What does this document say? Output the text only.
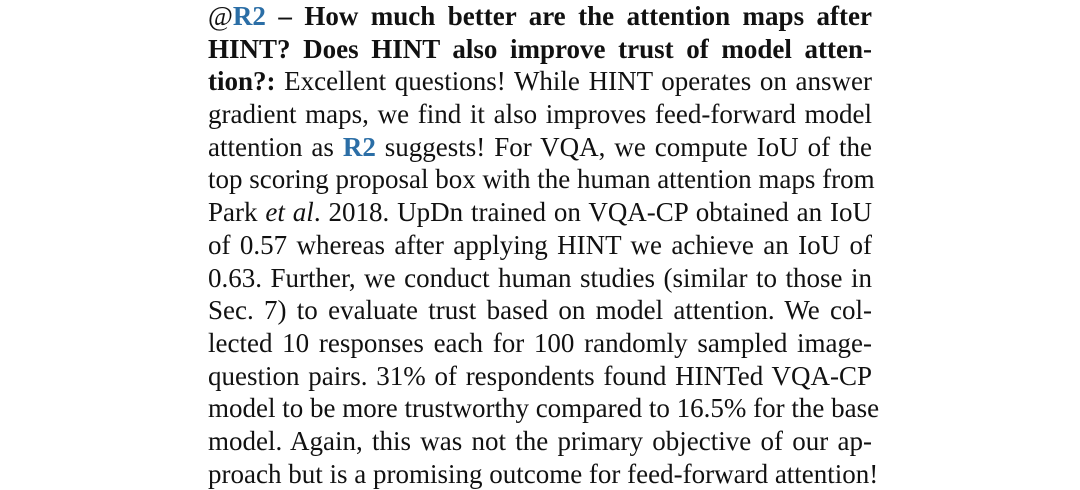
@R2 – How much better are the attention maps after
HINT? Does HINT also improve trust of model atten-
tion?: Excellent questions! While HINT operates on answer
gradient maps, we find it also improves feed-forward model
attention as R2 suggests! For VQA, we compute IoU of the
top scoring proposal box with the human attention maps from
Park et al. 2018. UpDn trained on VQA-CP obtained an IoU
of 0.57 whereas after applying HINT we achieve an IoU of
0.63. Further, we conduct human studies (similar to those in
Sec. 7) to evaluate trust based on model attention. We col-
lected 10 responses each for 100 randomly sampled image-
question pairs. 31% of respondents found HINTed VQA-CP
model to be more trustworthy compared to 16.5% for the base
model. Again, this was not the primary objective of our ap-
proach but is a promising outcome for feed-forward attention!
